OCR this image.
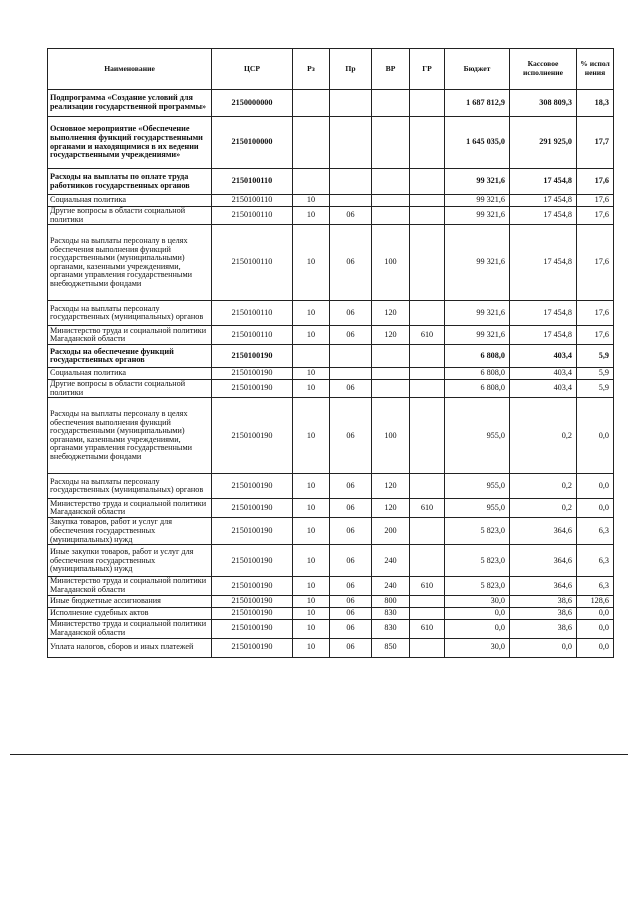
Наименование	ЦСР	Рз	Пр	ВР	ГР	Бюджет	Кассовое исполнение	% испол нения
Подпрограмма «Создание условий для реализации государственной программы»	2150000000					1 687 812,9	308 809,3	18,3
Основное мероприятие «Обеспечение выполнения функций государственными органами и находящимися в их ведении государственными учреждениями»	2150100000					1 645 035,0	291 925,0	17,7
Расходы на выплаты по оплате труда работников государственных органов	2150100110					99 321,6	17 454,8	17,6
Социальная политика	2150100110	10				99 321,6	17 454,8	17,6
Другие вопросы в области социальной политики	2150100110	10	06			99 321,6	17 454,8	17,6
Расходы на выплаты персоналу в целях обеспечения выполнения функций государственными (муниципальными) органами, казенными учреждениями, органами управления государственными внебюджетными фондами	2150100110	10	06	100		99 321,6	17 454,8	17,6
Расходы на выплаты персоналу государственных (муниципальных) органов	2150100110	10	06	120		99 321,6	17 454,8	17,6
Министерство труда и социальной политики Магаданской области	2150100110	10	06	120	610	99 321,6	17 454,8	17,6
Расходы на обеспечение функций государственных органов	2150100190					6 808,0	403,4	5,9
Социальная политика	2150100190	10				6 808,0	403,4	5,9
Другие вопросы в области социальной политики	2150100190	10	06			6 808,0	403,4	5,9
Расходы на выплаты персоналу в целях обеспечения выполнения функций государственными (муниципальными) органами, казенными учреждениями, органами управления государственными внебюджетными фондами	2150100190	10	06	100		955,0	0,2	0,0
Расходы на выплаты персоналу государственных (муниципальных) органов	2150100190	10	06	120		955,0	0,2	0,0
Министерство труда и социальной политики Магаданской области	2150100190	10	06	120	610	955,0	0,2	0,0
Закупка товаров, работ и услуг для обеспечения государственных (муниципальных) нужд	2150100190	10	06	200		5 823,0	364,6	6,3
Иные закупки товаров, работ и услуг для обеспечения государственных (муниципальных) нужд	2150100190	10	06	240		5 823,0	364,6	6,3
Министерство труда и социальной политики Магаданской области	2150100190	10	06	240	610	5 823,0	364,6	6,3
Иные бюджетные ассигнования	2150100190	10	06	800		30,0	38,6	128,6
Исполнение судебных актов	2150100190	10	06	830		0,0	38,6	0,0
Министерство труда и социальной политики Магаданской области	2150100190	10	06	830	610	0,0	38,6	0,0
Уплата налогов, сборов и иных платежей	2150100190	10	06	850		30,0	0,0	0,0
